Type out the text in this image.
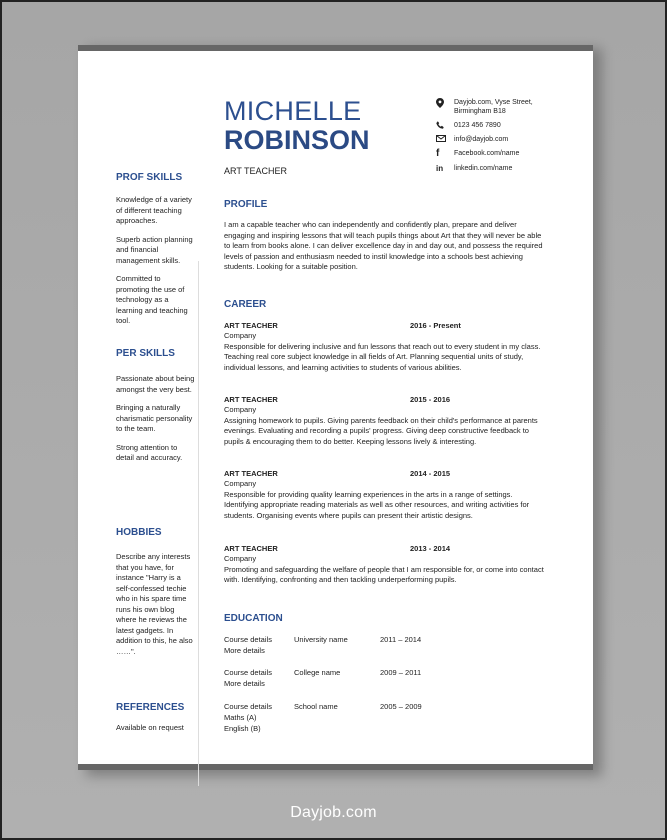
MICHELLE
ROBINSON
ART TEACHER
Dayjob.com, Vyse Street, Birmingham B18
0123 456 7890
info@dayjob.com
f	Facebook.com/name
in	linkedin.com/name
PROF SKILLS

Knowledge of a variety of different teaching approaches.

Superb action planning and financial management skills.

Committed to promoting the use of technology as a learning and teaching tool.

PER SKILLS

Passionate about being amongst the very best.

Bringing a naturally charismatic personality to the team.

Strong attention to detail and accuracy.

HOBBIES

Describe any interests that you have, for instance "Harry is a self-confessed techie who in his spare time runs his own blog where he reviews the latest gadgets. In addition to this, he also ……".

REFERENCES
Available on request
PROFILE
I am a capable teacher who can independently and confidently plan, prepare and deliver engaging and inspiring lessons that will teach pupils things about Art that they will never be able to learn from books alone. I can deliver excellence day in and day out, and possess the required levels of passion and enthusiasm needed to instil knowledge into a schools best achieving students. Looking for a suitable position.
CAREER
ART TEACHER	2016 - Present
Company
Responsible for delivering inclusive and fun lessons that reach out to every student in my class. Teaching real core subject knowledge in all fields of Art. Planning sequential units of study, individual lessons, and learning activities to students of various abilities.
ART TEACHER	2015 - 2016
Company
Assigning homework to pupils. Giving parents feedback on their child's performance at parents evenings. Evaluating and recording a pupils' progress. Giving deep constructive feedback to pupils & encouraging them to do better. Keeping lessons lively & interesting.
ART TEACHER	2014 - 2015
Company
Responsible for providing quality learning experiences in the arts in a range of settings. Identifying appropriate reading materials as well as other resources, and writing activities for students. Organising events where pupils can present their artistic designs.
ART TEACHER	2013 - 2014
Company
Promoting and safeguarding the welfare of people that I am responsible for, or come into contact with. Identifying, confronting and then tackling underperforming pupils.
EDUCATION
Course details	University name	2011 – 2014
More details
Course details	College name	2009 – 2011
More details
Course details	School name	2005 – 2009
Maths (A)
English (B)
Dayjob.com
